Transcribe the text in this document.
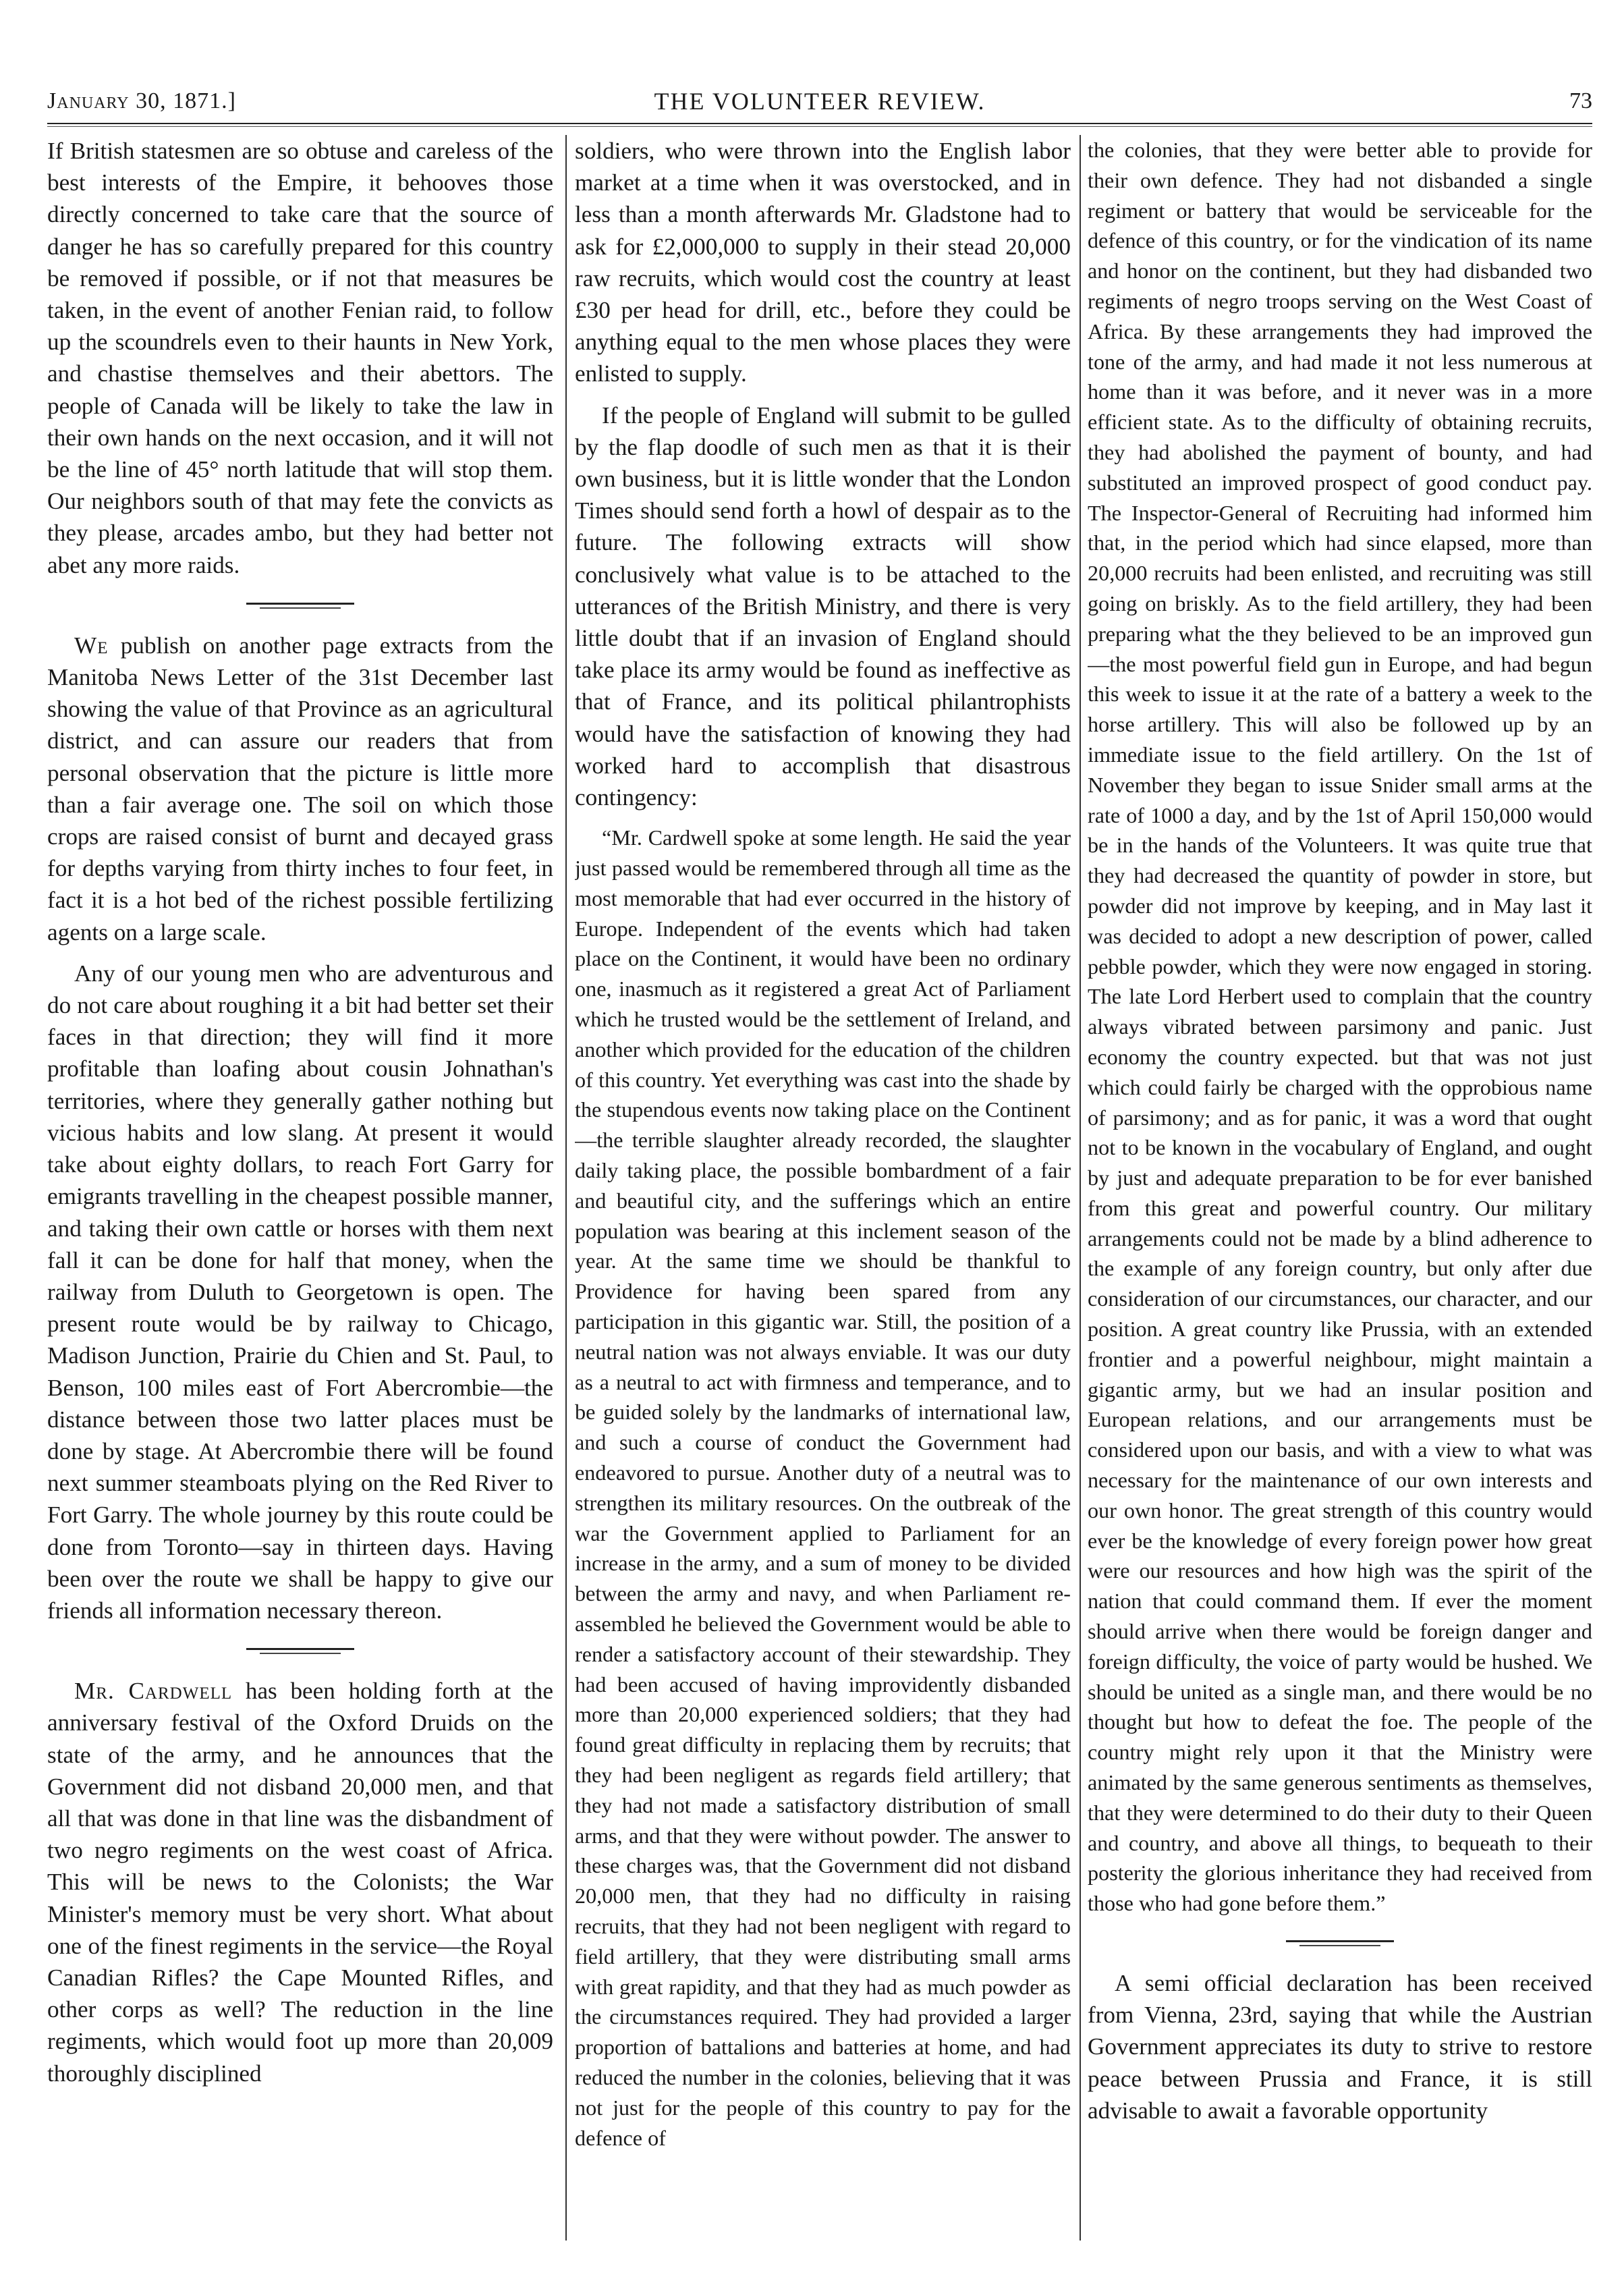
THE VOLUNTEER REVIEW.
January 30, 1871.]	73

If British statesmen are so obtuse and careless of the best interests of the Empire, it behooves those directly concerned to take care that the source of danger he has so carefully prepared for this country be removed if possible, or if not that measures be taken, in the event of another Fenian raid, to follow up the scoundrels even to their haunts in New York, and chastise themselves and their abettors. The people of Canada will be likely to take the law in their own hands on the next occasion, and it will not be the line of 45° north latitude that will stop them. Our neighbors south of that may fete the convicts as they please, arcades ambo, but they had better not abet any more raids.

We publish on another page extracts from the Manitoba News Letter of the 31st December last showing the value of that Province as an agricultural district, and can assure our readers that from personal observation that the picture is little more than a fair average one. The soil on which those crops are raised consist of burnt and decayed grass for depths varying from thirty inches to four feet, in fact it is a hot bed of the richest possible fertilizing agents on a large scale.

Any of our young men who are adventurous and do not care about roughing it a bit had better set their faces in that direction; they will find it more profitable than loafing about cousin Johnathan's territories, where they generally gather nothing but vicious habits and low slang. At present it would take about eighty dollars, to reach Fort Garry for emigrants travelling in the cheapest possible manner, and taking their own cattle or horses with them next fall it can be done for half that money, when the railway from Duluth to Georgetown is open. The present route would be by railway to Chicago, Madison Junction, Prairie du Chien and St. Paul, to Benson, 100 miles east of Fort Abercrombie—the distance between those two latter places must be done by stage. At Abercrombie there will be found next summer steamboats plying on the Red River to Fort Garry. The whole journey by this route could be done from Toronto—say in thirteen days. Having been over the route we shall be happy to give our friends all information necessary thereon.

Mr. Cardwell has been holding forth at the anniversary festival of the Oxford Druids on the state of the army, and he announces that the Government did not disband 20,000 men, and that all that was done in that line was the disbandment of two negro regiments on the west coast of Africa. This will be news to the Colonists; the War Minister's memory must be very short. What about one of the finest regiments in the service—the Royal Canadian Rifles? the Cape Mounted Rifles, and other corps as well? The reduction in the line regiments, which would foot up more than 20,009 thoroughly disciplined

soldiers, who were thrown into the English labor market at a time when it was overstocked, and in less than a month afterwards Mr. Gladstone had to ask for £2,000,000 to supply in their stead 20,000 raw recruits, which would cost the country at least £30 per head for drill, etc., before they could be anything equal to the men whose places they were enlisted to supply.

If the people of England will submit to be gulled by the flap doodle of such men as that it is their own business, but it is little wonder that the London Times should send forth a howl of despair as to the future. The following extracts will show conclusively what value is to be attached to the utterances of the British Ministry, and there is very little doubt that if an invasion of England should take place its army would be found as ineffective as that of France, and its political philantrophists would have the satisfaction of knowing they had worked hard to accomplish that disastrous contingency:

“Mr. Cardwell spoke at some length. He said the year just passed would be remembered through all time as the most memorable that had ever occurred in the history of Europe. Independent of the events which had taken place on the Continent, it would have been no ordinary one, inasmuch as it registered a great Act of Parliament which he trusted would be the settlement of Ireland, and another which provided for the education of the children of this country. Yet everything was cast into the shade by the stupendous events now taking place on the Continent—the terrible slaughter already recorded, the slaughter daily taking place, the possible bombardment of a fair and beautiful city, and the sufferings which an entire population was bearing at this inclement season of the year. At the same time we should be thankful to Providence for having been spared from any participation in this gigantic war. Still, the position of a neutral nation was not always enviable. It was our duty as a neutral to act with firmness and temperance, and to be guided solely by the landmarks of international law, and such a course of conduct the Government had endeavored to pursue. Another duty of a neutral was to strengthen its military resources. On the outbreak of the war the Government applied to Parliament for an increase in the army, and a sum of money to be divided between the army and navy, and when Parliament re-assembled he believed the Government would be able to render a satisfactory account of their stewardship. They had been accused of having improvidently disbanded more than 20,000 experienced soldiers; that they had found great difficulty in replacing them by recruits; that they had been negligent as regards field artillery; that they had not made a satisfactory distribution of small arms, and that they were without powder. The answer to these charges was, that the Government did not disband 20,000 men, that they had no difficulty in raising recruits, that they had not been negligent with regard to field artillery, that they were distributing small arms with great rapidity, and that they had as much powder as the circumstances required. They had provided a larger proportion of battalions and batteries at home, and had reduced the number in the colonies, believing that it was not just for the people of this country to pay for the defence of

the colonies, that they were better able to provide for their own defence. They had not disbanded a single regiment or battery that would be serviceable for the defence of this country, or for the vindication of its name and honor on the continent, but they had disbanded two regiments of negro troops serving on the West Coast of Africa. By these arrangements they had improved the tone of the army, and had made it not less numerous at home than it was before, and it never was in a more efficient state. As to the difficulty of obtaining recruits, they had abolished the payment of bounty, and had substituted an improved prospect of good conduct pay. The Inspector-General of Recruiting had informed him that, in the period which had since elapsed, more than 20,000 recruits had been enlisted, and recruiting was still going on briskly. As to the field artillery, they had been preparing what the they believed to be an improved gun—the most powerful field gun in Europe, and had begun this week to issue it at the rate of a battery a week to the horse artillery. This will also be followed up by an immediate issue to the field artillery. On the 1st of November they began to issue Snider small arms at the rate of 1000 a day, and by the 1st of April 150,000 would be in the hands of the Volunteers. It was quite true that they had decreased the quantity of powder in store, but powder did not improve by keeping, and in May last it was decided to adopt a new description of power, called pebble powder, which they were now engaged in storing. The late Lord Herbert used to complain that the country always vibrated between parsimony and panic. Just economy the country expected. but that was not just which could fairly be charged with the opprobious name of parsimony; and as for panic, it was a word that ought not to be known in the vocabulary of England, and ought by just and adequate preparation to be for ever banished from this great and powerful country. Our military arrangements could not be made by a blind adherence to the example of any foreign country, but only after due consideration of our circumstances, our character, and our position. A great country like Prussia, with an extended frontier and a powerful neighbour, might maintain a gigantic army, but we had an insular position and European relations, and our arrangements must be considered upon our basis, and with a view to what was necessary for the maintenance of our own interests and our own honor. The great strength of this country would ever be the knowledge of every foreign power how great were our resources and how high was the spirit of the nation that could command them. If ever the moment should arrive when there would be foreign danger and foreign difficulty, the voice of party would be hushed. We should be united as a single man, and there would be no thought but how to defeat the foe. The people of the country might rely upon it that the Ministry were animated by the same generous sentiments as themselves, that they were determined to do their duty to their Queen and country, and above all things, to bequeath to their posterity the glorious inheritance they had received from those who had gone before them.”

A semi official declaration has been received from Vienna, 23rd, saying that while the Austrian Government appreciates its duty to strive to restore peace between Prussia and France, it is still advisable to await a favorable opportunity
